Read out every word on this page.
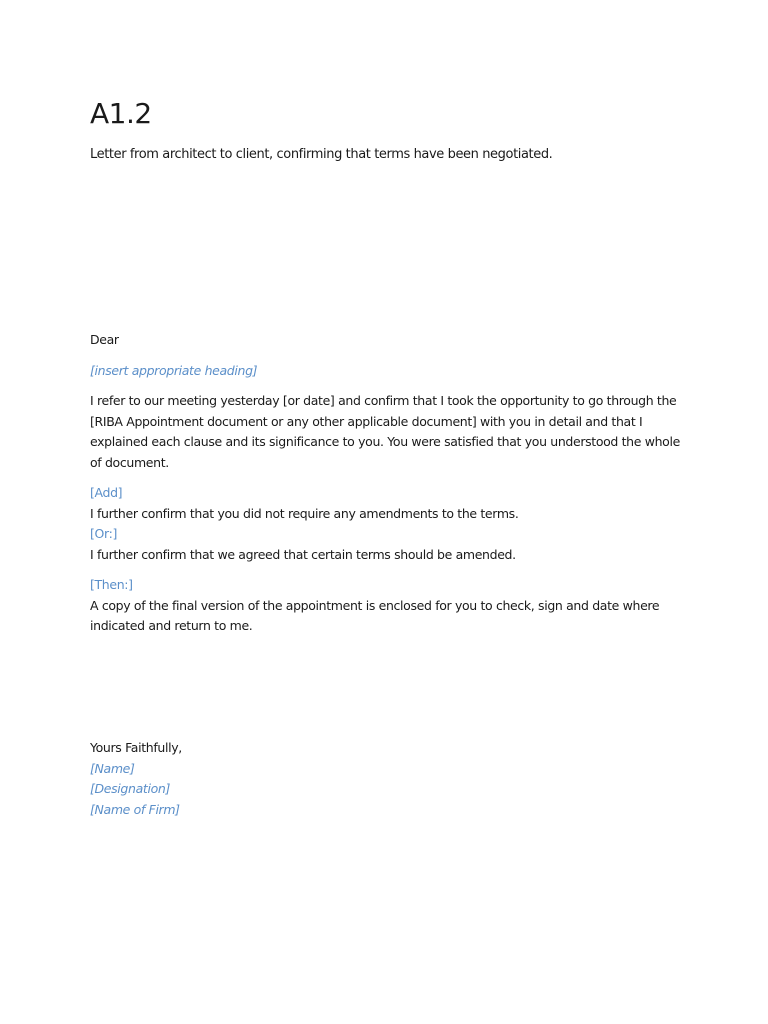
A1.2

Letter from architect to client, confirming that terms have been negotiated.

Dear

[insert appropriate heading]

I refer to our meeting yesterday [or date] and confirm that I took the opportunity to go through the [RIBA Appointment document or any other applicable document] with you in detail and that I explained each clause and its significance to you. You were satisfied that you understood the whole of document.

[Add]

I further confirm that you did not require any amendments to the terms.

[Or:]

I further confirm that we agreed that certain terms should be amended.

[Then:]

A copy of the final version of the appointment is enclosed for you to check, sign and date where indicated and return to me.

Yours Faithfully,

[Name]

[Designation]

[Name of Firm]
